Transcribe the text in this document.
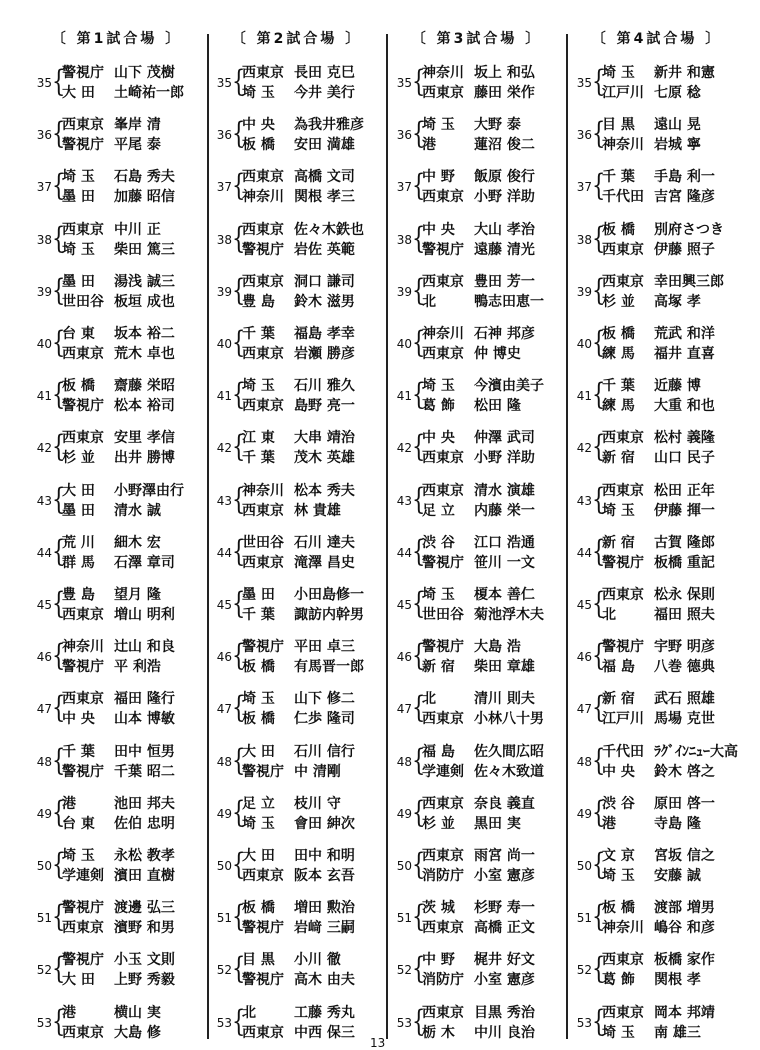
13
〔 第1試合場 〕
35 {
警視庁 山下 茂樹
大 田 土崎祐一郎
36 {
西東京 峯岸 清
警視庁 平尾 泰
37 {
埼 玉 石島 秀夫
墨 田 加藤 昭信
38 {
西東京 中川 正
埼 玉 柴田 篤三
39 {
墨 田 湯浅 誠三
世田谷 板垣 成也
40 {
台 東 坂本 裕二
西東京 荒木 卓也
41 {
板 橋 齋藤 栄昭
警視庁 松本 裕司
42 {
西東京 安里 孝信
杉 並 出井 勝博
43 {
大 田 小野澤由行
墨 田 清水 誠
44 {
荒 川 細木 宏
群 馬 石澤 章司
45 {
豊 島 望月 隆
西東京 増山 明利
46 {
神奈川 辻山 和良
警視庁 平 利浩
47 {
西東京 福田 隆行
中 央 山本 博敏
48 {
千 葉 田中 恒男
警視庁 千葉 昭二
49 {
港	池田 邦夫
台 東 佐伯 忠明
50 {
埼 玉 永松 教孝
学連剣 濱田 直樹
51 {
警視庁 渡邊 弘三
西東京 濱野 和男
52 {
警視庁 小玉 文則
大 田 上野 秀毅
53 {
港	横山 実
西東京 大島 修
〔 第2試合場 〕
35 {
西東京 長田 克巳
埼 玉 今井 美行
36 {
中 央 為我井雅彦
板 橋 安田 満雄
37 {
西東京 高橋 文司
神奈川 関根 孝三
38 {
西東京 佐々木鉄也
警視庁 岩佐 英範
39 {
西東京 洞口 謙司
豊 島 鈴木 滋男
40 {
千 葉 福島 孝幸
西東京 岩瀬 勝彦
41 {
埼 玉 石川 雅久
西東京 島野 亮一
42 {
江 東 大串 靖治
千 葉 茂木 英雄
43 {
神奈川 松本 秀夫
西東京 林 貴雄
44 {
世田谷 石川 達夫
西東京 滝澤 昌史
45 {
墨 田 小田島修一
千 葉 諏訪内幹男
46 {
警視庁 平田 卓三
板 橋 有馬晋一郎
47 {
埼 玉 山下 修二
板 橋 仁歩 隆司
48 {
大 田 石川 信行
警視庁 中 清剛
49 {
足 立 枝川 守
埼 玉 會田 紳次
50 {
大 田 田中 和明
西東京 阪本 玄吾
51 {
板 橋 増田 勲治
警視庁 岩﨑 三嗣
52 {
目 黒 小川 徹
警視庁 高木 由夫
53 {
北	工藤 秀丸
西東京 中西 保三
〔 第3試合場 〕
35 {
神奈川 坂上 和弘
西東京 藤田 栄作
36 {
埼 玉 大野 泰
港	蓮沼 俊二
37 {
中 野 飯原 俊行
西東京 小野 洋助
38 {
中 央 大山 孝治
警視庁 遠藤 清光
39 {
西東京 豊田 芳一
北	鴨志田恵一
40 {
神奈川 石神 邦彦
西東京 仲 博史
41 {
埼 玉 今濱由美子
葛 飾 松田 隆
42 {
中 央 仲澤 武司
西東京 小野 洋助
43 {
西東京 清水 演雄
足 立 内藤 栄一
44 {
渋 谷 江口 浩通
警視庁 笹川 一文
45 {
埼 玉 榎本 善仁
世田谷 菊池浮木夫
46 {
警視庁 大島 浩
新 宿 柴田 章雄
47 {
北	清川 則夫
西東京 小林八十男
48 {
福 島 佐久間広昭
学連剣 佐々木致道
49 {
西東京 奈良 義直
杉 並 黒田 実
50 {
西東京 雨宮 尚一
消防庁 小室 憲彦
51 {
茨 城 杉野 寿一
西東京 高橋 正文
52 {
中 野 梶井 好文
消防庁 小室 憲彦
53 {
西東京 目黒 秀治
栃 木 中川 良治
〔 第4試合場 〕
35 {
埼 玉 新井 和憲
江戸川 七原 稔
36 {
目 黒 遠山 晃
神奈川 岩城 寧
37 {
千 葉 手島 利一
千代田 吉宮 隆彦
38 {
板 橋 別府さつき
西東京 伊藤 照子
39 {
西東京 幸田興三郎
杉 並 高塚 孝
40 {
板 橋 荒武 和洋
練 馬 福井 直喜
41 {
千 葉 近藤 博
練 馬 大重 和也
42 {
西東京 松村 義隆
新 宿 山口 民子
43 {
西東京 松田 正年
埼 玉 伊藤 揮一
44 {
新 宿 古賀 隆郎
警視庁 板橋 重記
45 {
西東京 松永 保則
北	福田 照夫
46 {
警視庁 宇野 明彦
福 島 八巻 德典
47 {
新 宿 武石 照雄
江戸川 馬場 克世
48 {
千代田 ﾗｸﾞｲﾝﾆｭｰ大高
中 央 鈴木 啓之
49 {
渋 谷 原田 啓一
港	寺島 隆
50 {
文 京 宮坂 信之
埼 玉 安藤 誠
51 {
板 橋 渡部 増男
神奈川 嶋谷 和彦
52 {
西東京 板橋 家作
葛 飾 関根 孝
53 {
西東京 岡本 邦靖
埼 玉 南 雄三
